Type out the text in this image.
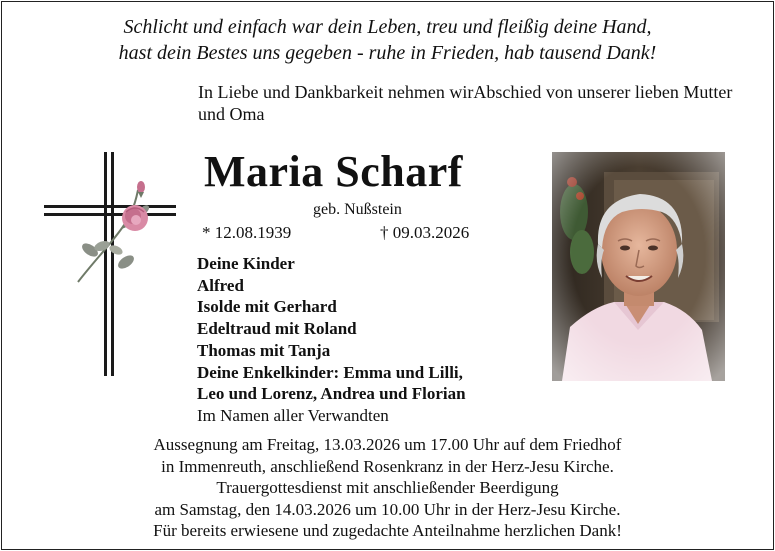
Schlicht und einfach war dein Leben, treu und fleißig deine Hand,
hast dein Bestes uns gegeben - ruhe in Frieden, hab tausend Dank!
In Liebe und Dankbarkeit nehmen wirAbschied von unserer lieben Mutter und Oma
Maria Scharf
geb. Nußstein
* 12.08.1939	† 09.03.2026
Deine Kinder
Alfred
Isolde mit Gerhard
Edeltraud mit Roland
Thomas mit Tanja
Deine Enkelkinder: Emma und Lilli,
Leo und Lorenz, Andrea und Florian
Im Namen aller Verwandten
Aussegnung am Freitag, 13.03.2026 um 17.00 Uhr auf dem Friedhof
in Immenreuth, anschließend Rosenkranz in der Herz-Jesu Kirche.
Trauergottesdienst mit anschließender Beerdigung
am Samstag, den 14.03.2026 um 10.00 Uhr in der Herz-Jesu Kirche.
Für bereits erwiesene und zugedachte Anteilnahme herzlichen Dank!
